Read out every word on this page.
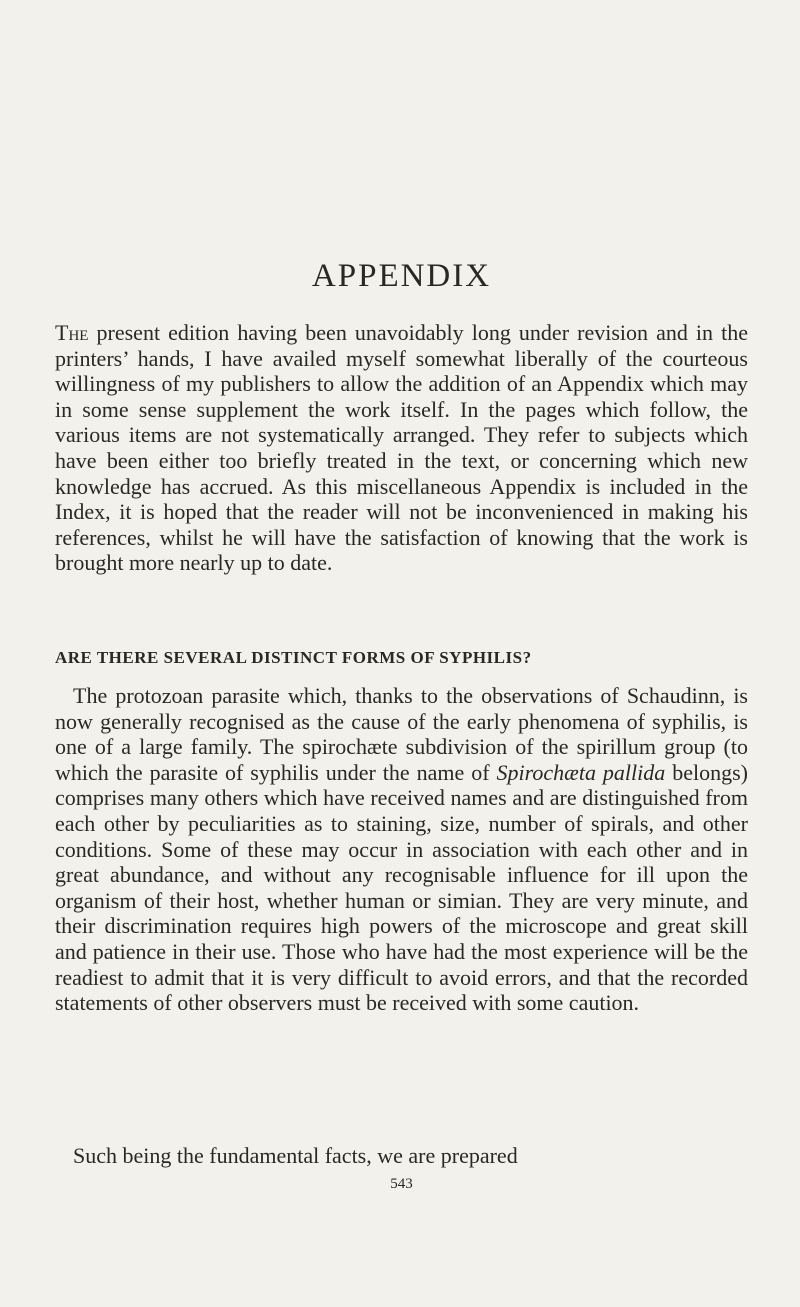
APPENDIX

The present edition having been unavoidably long under revision and in the printers’ hands, I have availed myself somewhat liberally of the courteous willingness of my publishers to allow the addition of an Appendix which may in some sense supplement the work itself. In the pages which follow, the various items are not systematically arranged. They refer to subjects which have been either too briefly treated in the text, or concerning which new knowledge has accrued. As this miscellaneous Appendix is included in the Index, it is hoped that the reader will not be inconvenienced in making his references, whilst he will have the satisfaction of knowing that the work is brought more nearly up to date.

ARE THERE SEVERAL DISTINCT FORMS OF SYPHILIS?

The protozoan parasite which, thanks to the observations of Schaudinn, is now generally recognised as the cause of the early phenomena of syphilis, is one of a large family. The spirochæte subdivision of the spirillum group (to which the parasite of syphilis under the name of Spirochæta pallida belongs) comprises many others which have received names and are distinguished from each other by peculiarities as to staining, size, number of spirals, and other conditions. Some of these may occur in association with each other and in great abundance, and without any recognisable influence for ill upon the organism of their host, whether human or simian. They are very minute, and their discrimination requires high powers of the microscope and great skill and patience in their use. Those who have had the most experience will be the readiest to admit that it is very difficult to avoid errors, and that the recorded statements of other observers must be received with some caution.

Such being the fundamental facts, we are prepared

543
